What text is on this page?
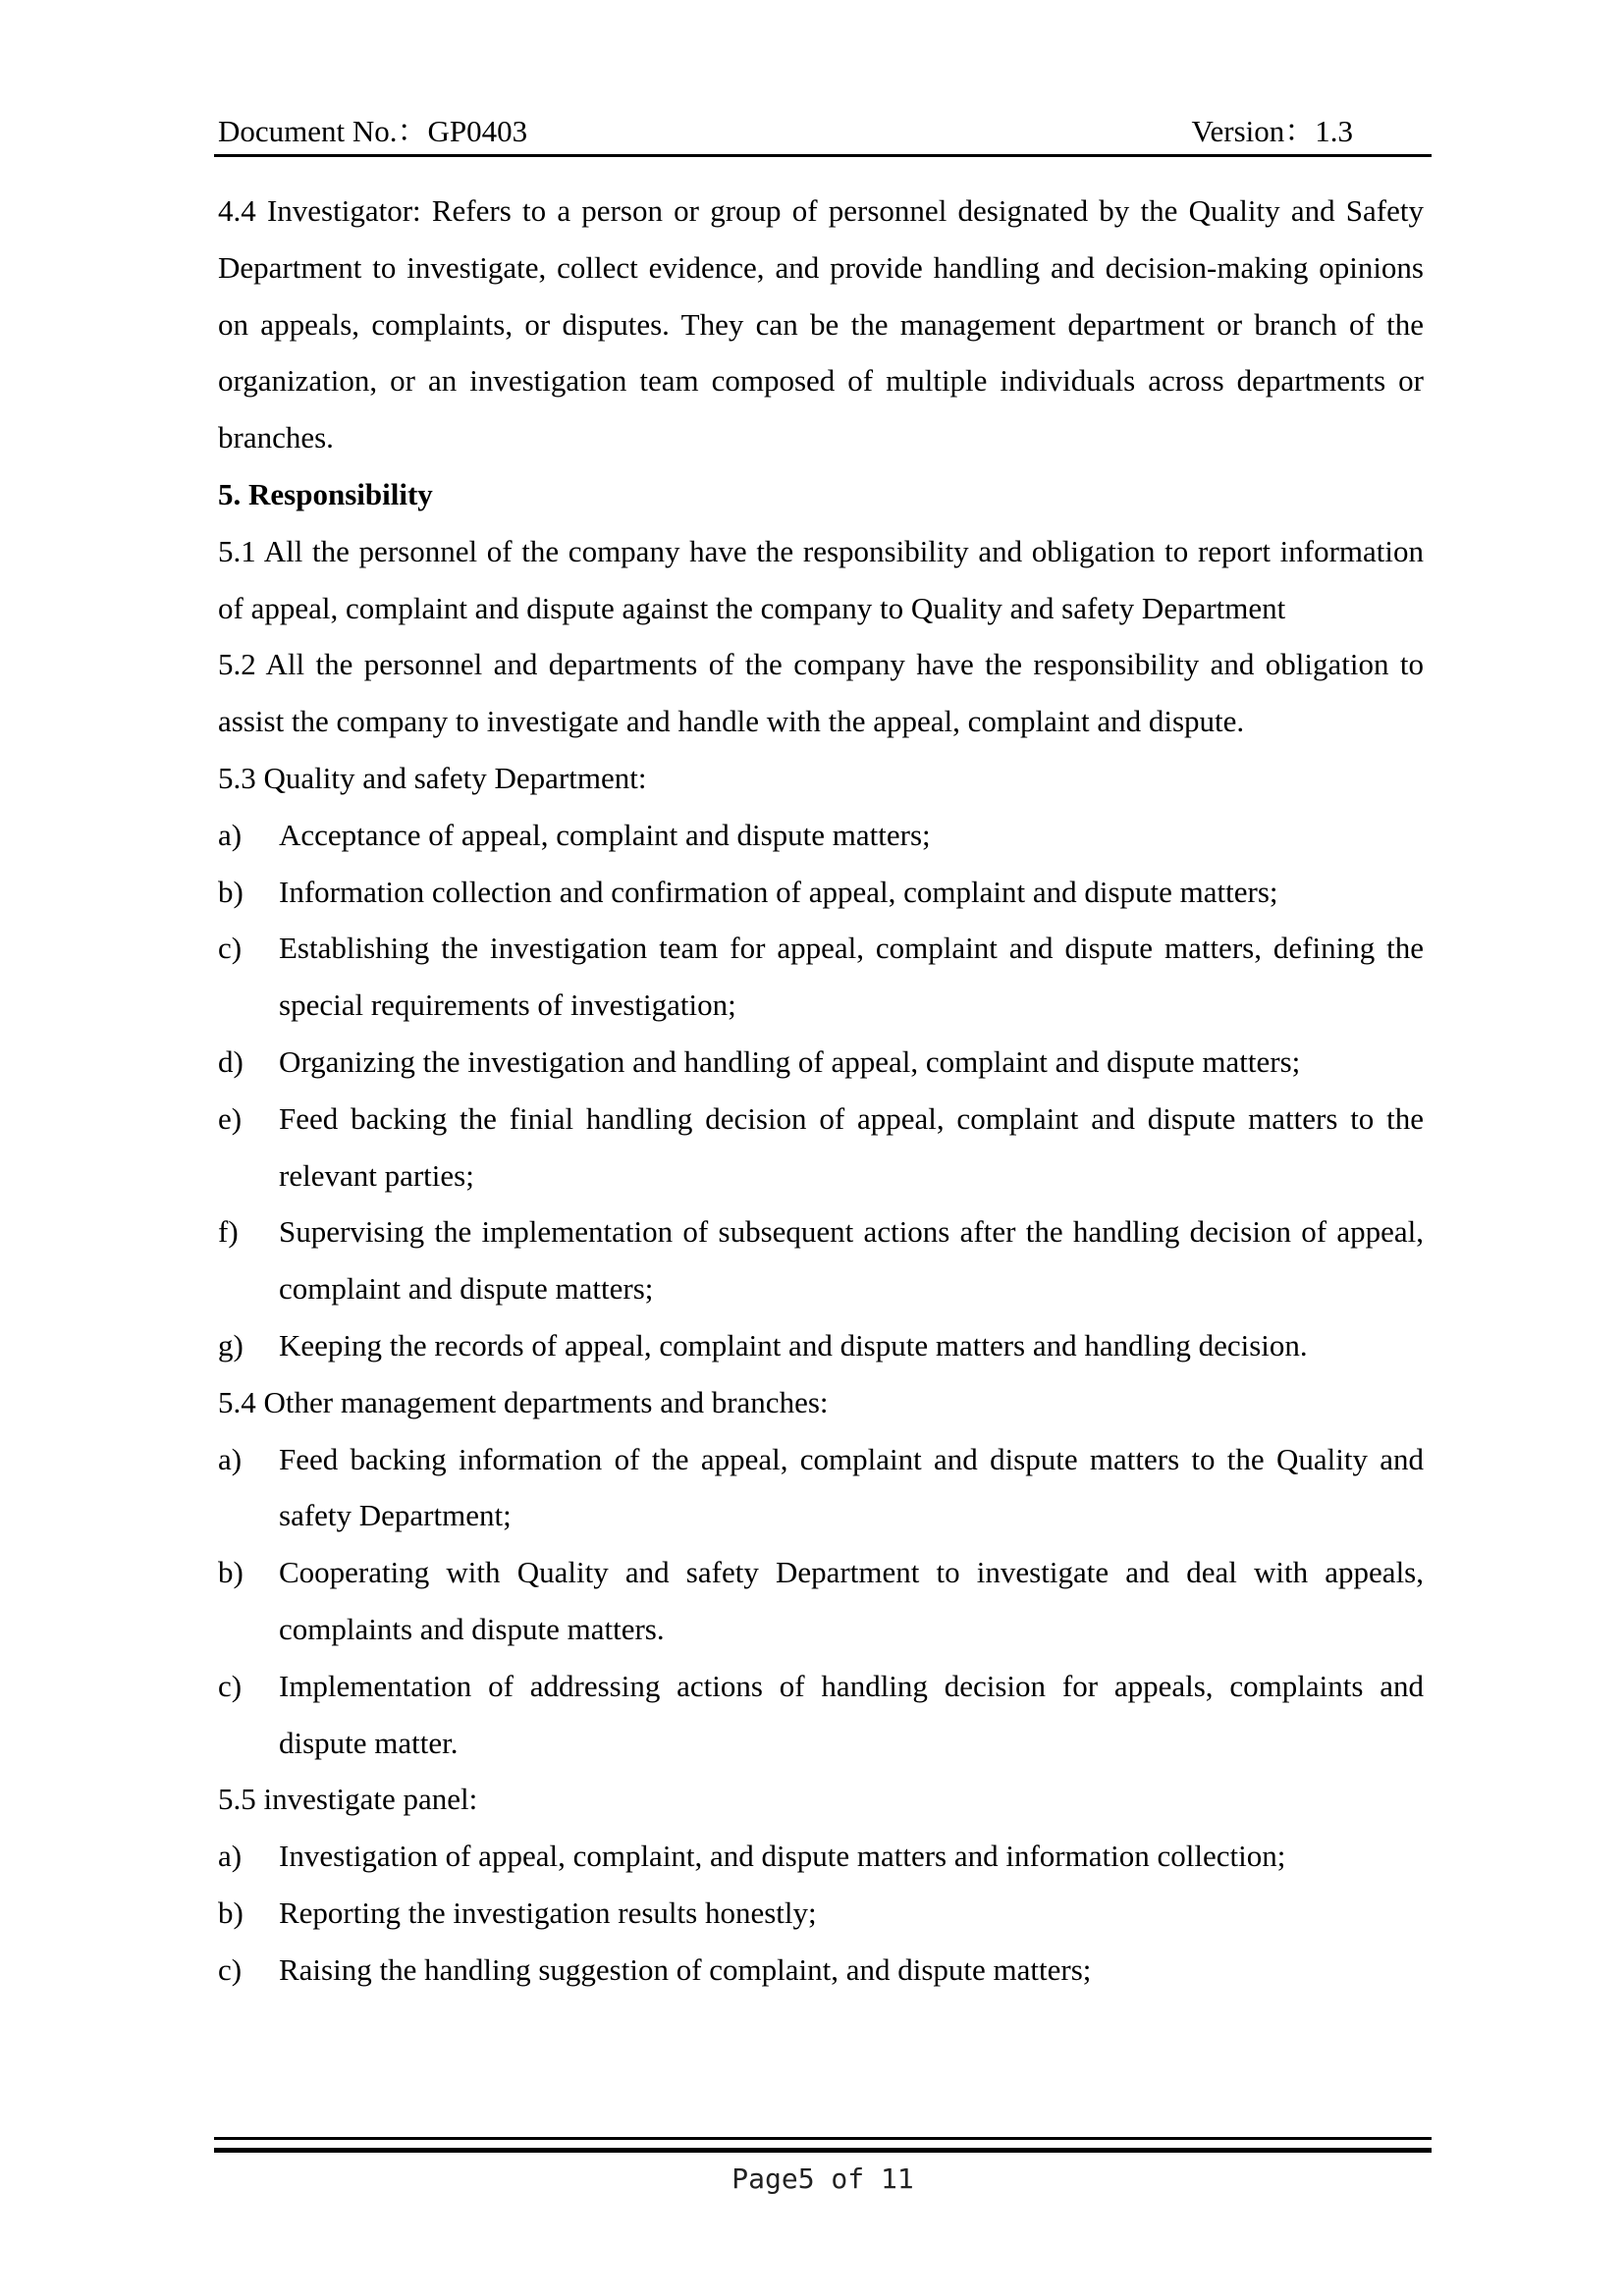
Document No.：GP0403	Version：1.3

4.4 Investigator: Refers to a person or group of personnel designated by the Quality and Safety Department to investigate, collect evidence, and provide handling and decision-making opinions on appeals, complaints, or disputes. They can be the management department or branch of the organization, or an investigation team composed of multiple individuals across departments or branches.

5. Responsibility

5.1 All the personnel of the company have the responsibility and obligation to report information of appeal, complaint and dispute against the company to Quality and safety Department

5.2 All the personnel and departments of the company have the responsibility and obligation to assist the company to investigate and handle with the appeal, complaint and dispute.

5.3 Quality and safety Department:

a)	Acceptance of appeal, complaint and dispute matters;
b)	Information collection and confirmation of appeal, complaint and dispute matters;
c)	Establishing the investigation team for appeal, complaint and dispute matters, defining the special requirements of investigation;
d)	Organizing the investigation and handling of appeal, complaint and dispute matters;
e)	Feed backing the finial handling decision of appeal, complaint and dispute matters to the relevant parties;
f)	Supervising the implementation of subsequent actions after the handling decision of appeal, complaint and dispute matters;
g)	Keeping the records of appeal, complaint and dispute matters and handling decision.

5.4 Other management departments and branches:

a)	Feed backing information of the appeal, complaint and dispute matters to the Quality and safety Department;
b)	Cooperating with Quality and safety Department to investigate and deal with appeals, complaints and dispute matters.
c)	Implementation of addressing actions of handling decision for appeals, complaints and dispute matter.

5.5 investigate panel:

a)	Investigation of appeal, complaint, and dispute matters and information collection;
b)	Reporting the investigation results honestly;
c)	Raising the handling suggestion of complaint, and dispute matters;
Page5 of 11
